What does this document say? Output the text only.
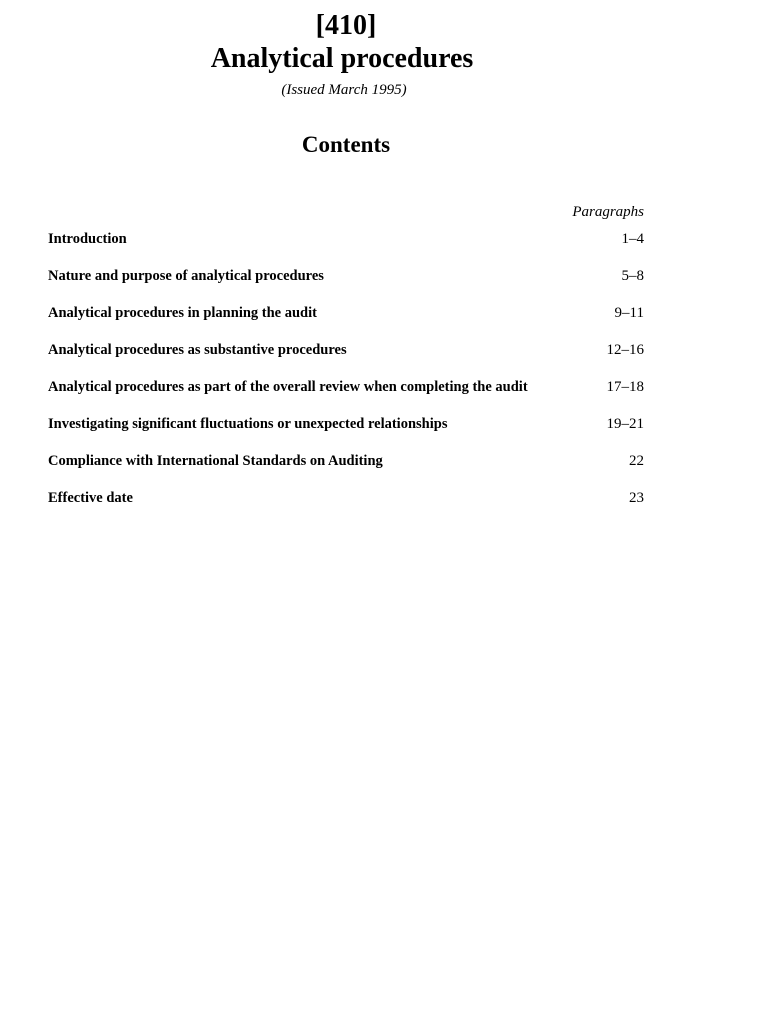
[410]
Analytical procedures
(Issued March 1995)
Contents
Paragraphs
Introduction	1–4
Nature and purpose of analytical procedures	5–8
Analytical procedures in planning the audit	9–11
Analytical procedures as substantive procedures	12–16
Analytical procedures as part of the overall review when completing the audit	17–18
Investigating significant fluctuations or unexpected relationships	19–21
Compliance with International Standards on Auditing	22
Effective date	23
